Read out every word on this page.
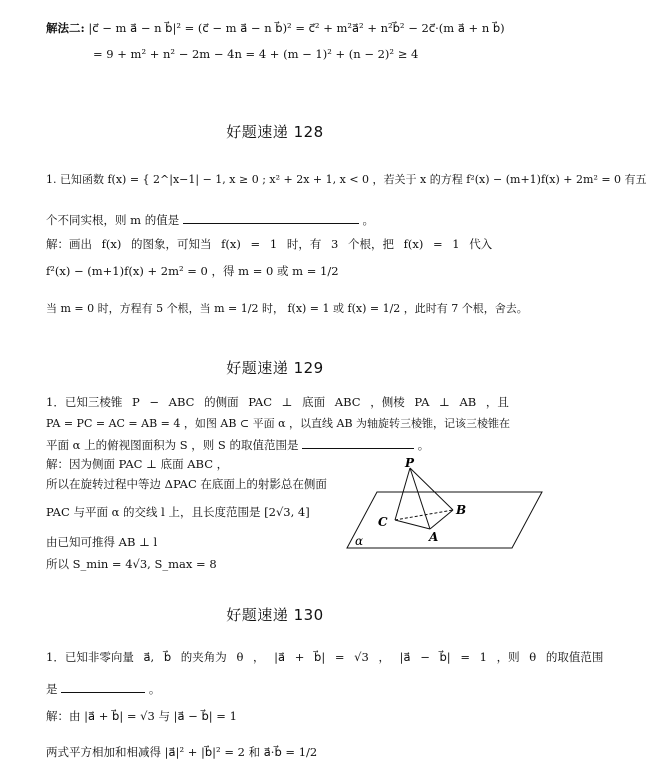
解法二: |c⃗ − m a⃗ − n b⃗|² = (c⃗ − m a⃗ − n b⃗)² = c⃗² + m²a⃗² + n²b⃗² − 2c⃗·(m a⃗ + n b⃗)
= 9 + m² + n² − 2m − 4n = 4 + (m − 1)² + (n − 2)² ≥ 4
好题速递 128
1. 已知函数 f(x) = { 2^|x−1| − 1, x ≥ 0 ; x² + 2x + 1, x < 0 ，若关于 x 的方程 f²(x) − (m+1)f(x) + 2m² = 0 有五
个不同实根，则 m 的值是	。
解：画出 f(x) 的图象，可知当 f(x) = 1 时，有 3 个根，把 f(x) = 1 代入
f²(x) − (m+1)f(x) + 2m² = 0 ，得 m = 0 或 m = 1/2
当 m = 0 时，方程有 5 个根，当 m = 1/2 时， f(x) = 1 或 f(x) = 1/2 ，此时有 7 个根，舍去。
好题速递 129
1．已知三棱锥 P − ABC 的侧面 PAC ⊥ 底面 ABC ，侧棱 PA ⊥ AB ，且
PA = PC = AC = AB = 4 ，如图 AB ⊂ 平面 α ，以直线 AB 为轴旋转三棱锥，记该三棱锥在
平面 α 上的俯视图面积为 S ，则 S 的取值范围是	。
解：因为侧面 PAC ⊥ 底面 ABC ，
所以在旋转过程中等边 ΔPAC 在底面上的射影总在侧面
PAC 与平面 α 的交线 l 上，且长度范围是 [2√3, 4]
由已知可推得 AB ⊥ l
所以 S_min = 4√3, S_max = 8
P
B
C
A
α
好题速递 130
1．已知非零向量 a⃗, b⃗ 的夹角为 θ ， |a⃗ + b⃗| = √3 ， |a⃗ − b⃗| = 1 ，则 θ 的取值范围
是	。
解：由 |a⃗ + b⃗| = √3 与 |a⃗ − b⃗| = 1
两式平方相加和相减得 |a⃗|² + |b⃗|² = 2 和 a⃗·b⃗ = 1/2
